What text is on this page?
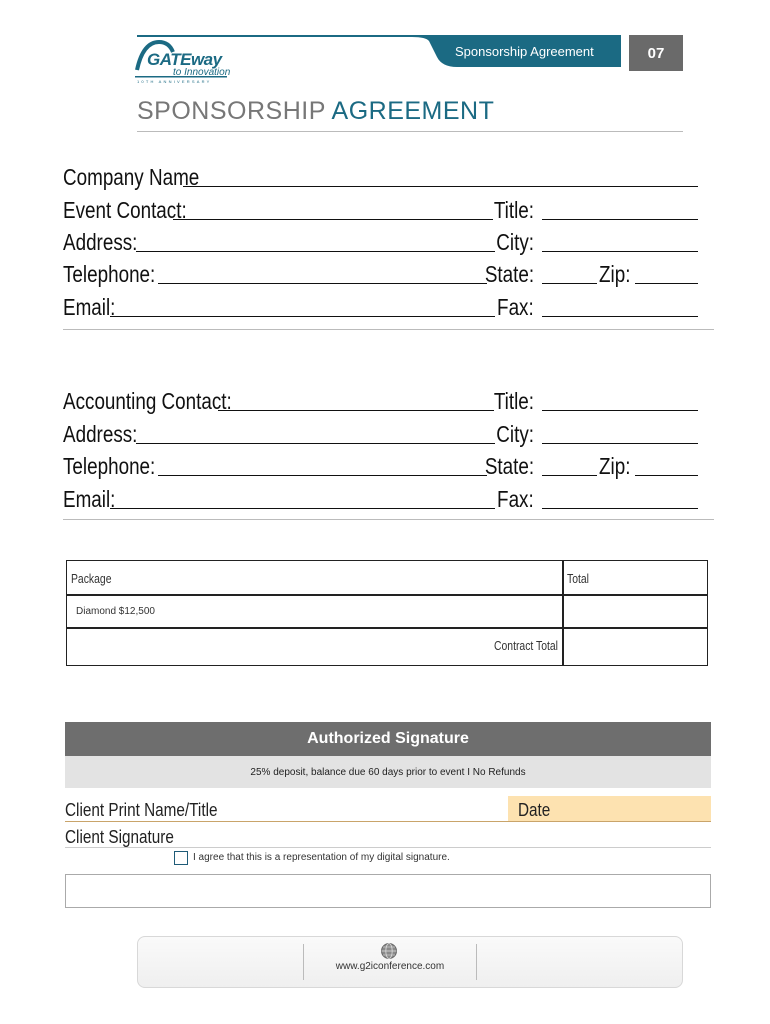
Sponsorship Agreement	07
GATEway
to Innovation
10TH ANNIVERSARY
SPONSORSHIP AGREEMENT
Company Name
Event Contact:	Title:
Address:	City:
Telephone:	State:	Zip:
Email:	Fax:
Accounting Contact:	Title:
Address:	City:
Telephone:	State:	Zip:
Email:	Fax:
Package	Total
Diamond $12,500
Contract Total
Authorized Signature
25% deposit, balance due 60 days prior to event I No Refunds
Client Print Name/Title	Date
Client Signature
I agree that this is a representation of my digital signature.
www.g2iconference.com
